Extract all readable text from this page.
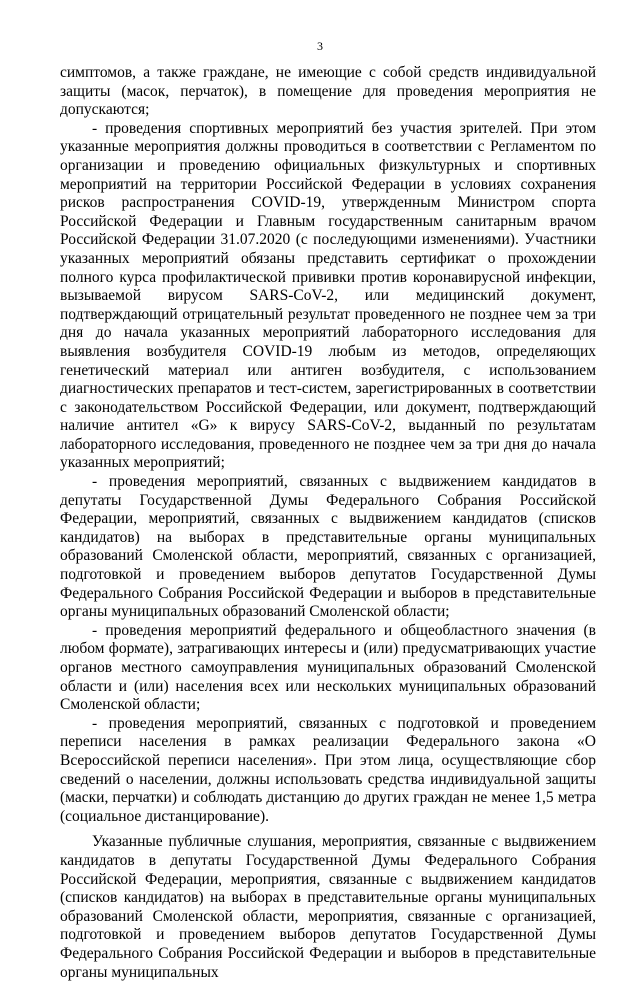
3

симптомов, а также граждане, не имеющие с собой средств индивидуальной защиты (масок, перчаток), в помещение для проведения мероприятия не допускаются;

- проведения спортивных мероприятий без участия зрителей. При этом указанные мероприятия должны проводиться в соответствии с Регламентом по организации и проведению официальных физкультурных и спортивных мероприятий на территории Российской Федерации в условиях сохранения рисков распространения COVID-19, утвержденным Министром спорта Российской Федерации и Главным государственным санитарным врачом Российской Федерации 31.07.2020 (с последующими изменениями). Участники указанных мероприятий обязаны представить сертификат о прохождении полного курса профилактической прививки против коронавирусной инфекции, вызываемой вирусом SARS-CoV-2, или медицинский документ, подтверждающий отрицательный результат проведенного не позднее чем за три дня до начала указанных мероприятий лабораторного исследования для выявления возбудителя COVID-19 любым из методов, определяющих генетический материал или антиген возбудителя, с использованием диагностических препаратов и тест-систем, зарегистрированных в соответствии с законодательством Российской Федерации, или документ, подтверждающий наличие антител «G» к вирусу SARS-CoV-2, выданный по результатам лабораторного исследования, проведенного не позднее чем за три дня до начала указанных мероприятий;

- проведения мероприятий, связанных с выдвижением кандидатов в депутаты Государственной Думы Федерального Собрания Российской Федерации, мероприятий, связанных с выдвижением кандидатов (списков кандидатов) на выборах в представительные органы муниципальных образований Смоленской области, мероприятий, связанных с организацией, подготовкой и проведением выборов депутатов Государственной Думы Федерального Собрания Российской Федерации и выборов в представительные органы муниципальных образований Смоленской области;

- проведения мероприятий федерального и общеобластного значения (в любом формате), затрагивающих интересы и (или) предусматривающих участие органов местного самоуправления муниципальных образований Смоленской области и (или) населения всех или нескольких муниципальных образований Смоленской области;

- проведения мероприятий, связанных с подготовкой и проведением переписи населения в рамках реализации Федерального закона «О Всероссийской переписи населения». При этом лица, осуществляющие сбор сведений о населении, должны использовать средства индивидуальной защиты (маски, перчатки) и соблюдать дистанцию до других граждан не менее 1,5 метра (социальное дистанцирование).

Указанные публичные слушания, мероприятия, связанные с выдвижением кандидатов в депутаты Государственной Думы Федерального Собрания Российской Федерации, мероприятия, связанные с выдвижением кандидатов (списков кандидатов) на выборах в представительные органы муниципальных образований Смоленской области, мероприятия, связанные с организацией, подготовкой и проведением выборов депутатов Государственной Думы Федерального Собрания Российской Федерации и выборов в представительные органы муниципальных
